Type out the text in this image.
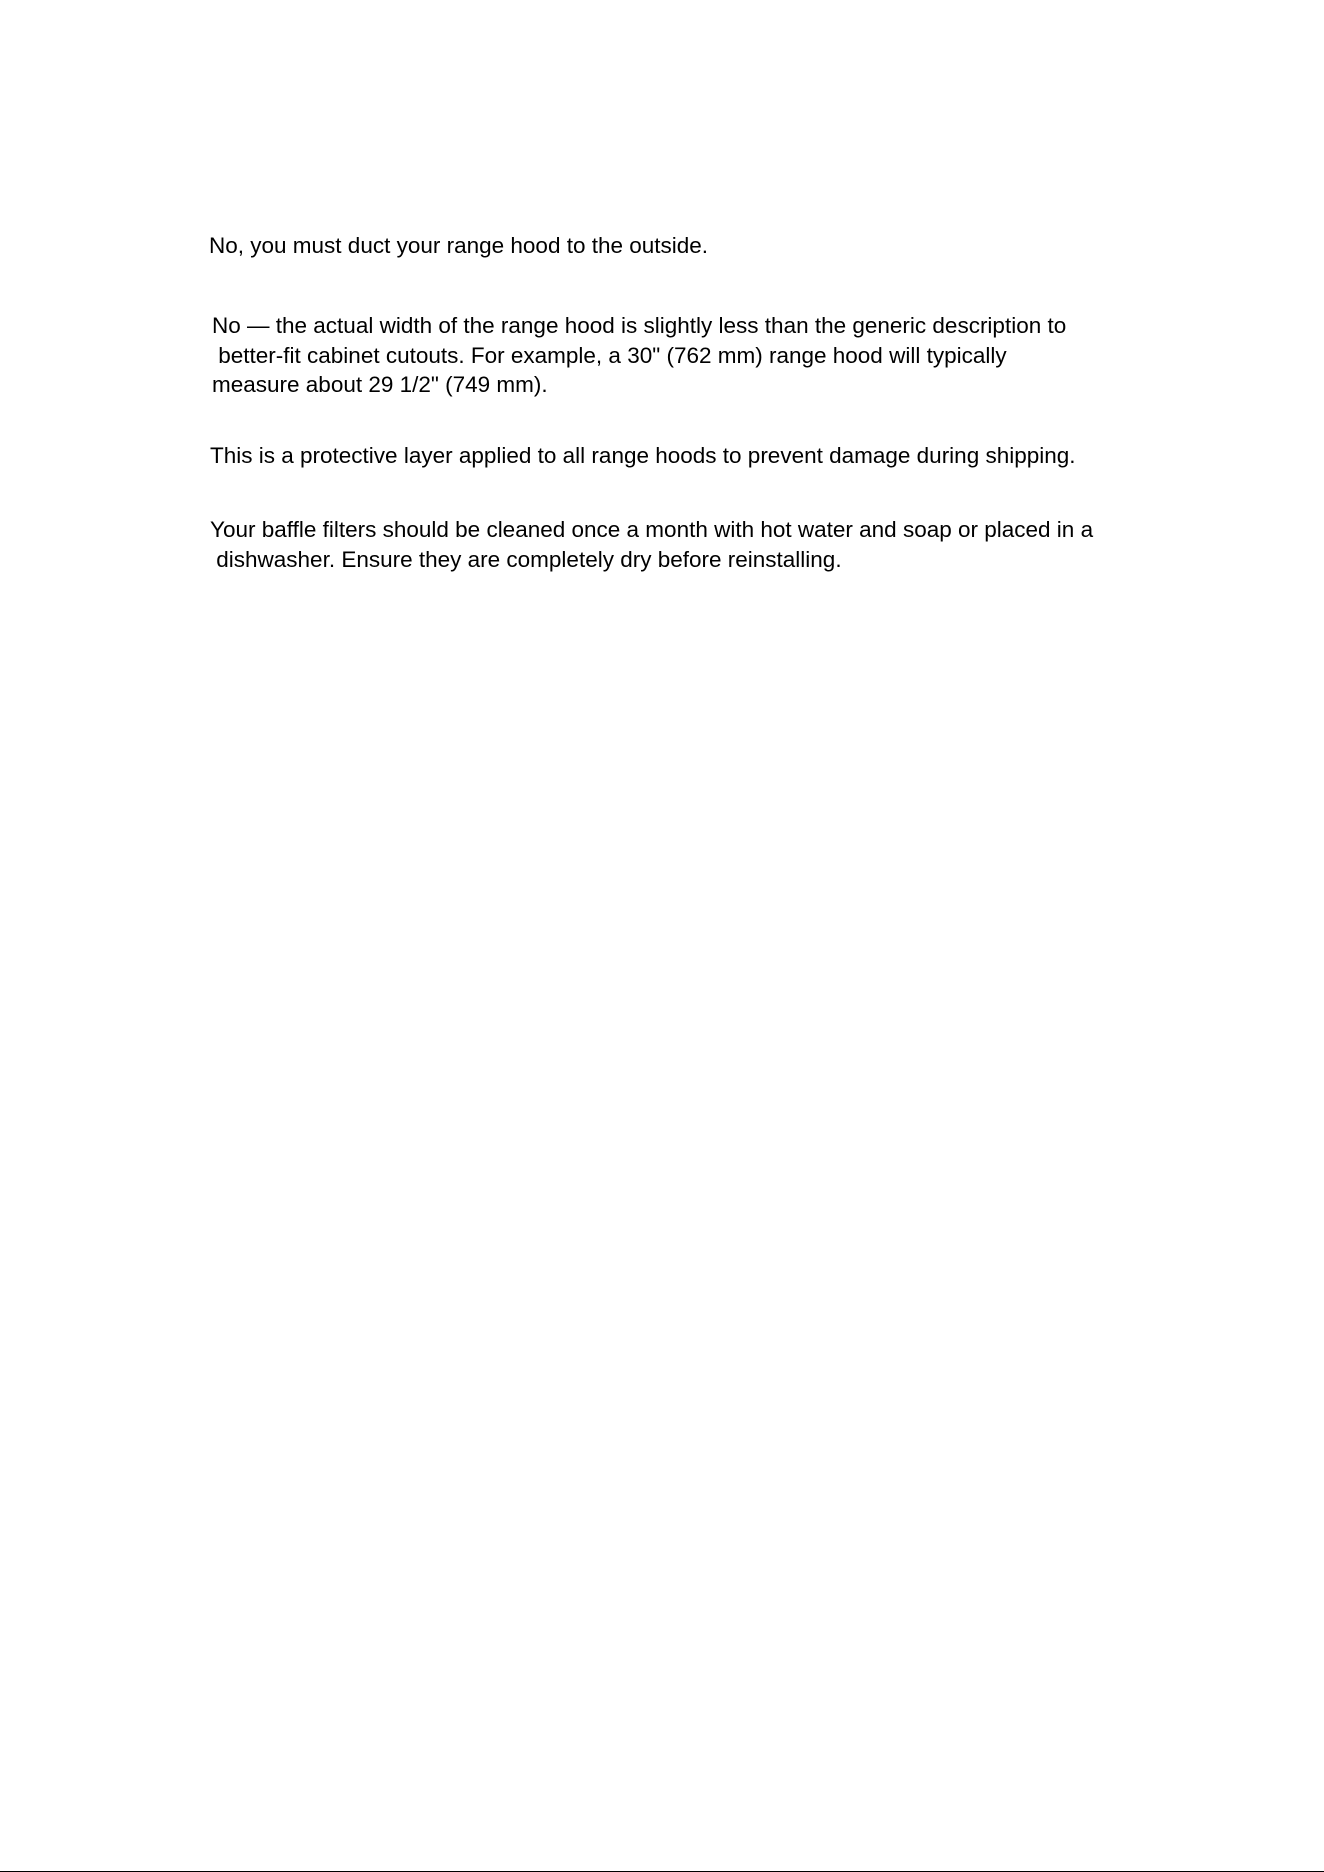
No, you must duct your range hood to the outside.

No — the actual width of the range hood is slightly less than the generic description to
better-fit cabinet cutouts. For example, a 30" (762 mm) range hood will typically
measure about 29 1/2" (749 mm).

This is a protective layer applied to all range hoods to prevent damage during shipping.

Your baffle filters should be cleaned once a month with hot water and soap or placed in a
dishwasher. Ensure they are completely dry before reinstalling.
